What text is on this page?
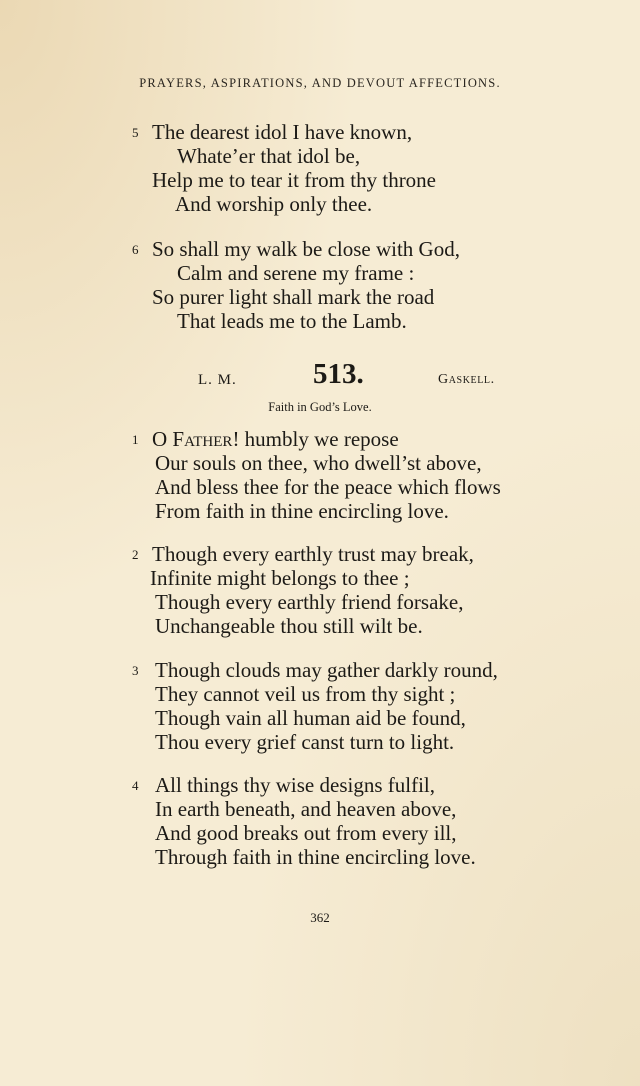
PRAYERS, ASPIRATIONS, AND DEVOUT AFFECTIONS.
5 The dearest idol I have known,
Whate’er that idol be,
Help me to tear it from thy throne
And worship only thee.
6 So shall my walk be close with God,
Calm and serene my frame :
So purer light shall mark the road
That leads me to the Lamb.
L. M.	513.	Gaskell.
Faith in God’s Love.
1 O Father! humbly we repose
Our souls on thee, who dwell’st above,
And bless thee for the peace which flows
From faith in thine encircling love.
2 Though every earthly trust may break,
Infinite might belongs to thee ;
Though every earthly friend forsake,
Unchangeable thou still wilt be.
3 Though clouds may gather darkly round,
They cannot veil us from thy sight ;
Though vain all human aid be found,
Thou every grief canst turn to light.
4 All things thy wise designs fulfil,
In earth beneath, and heaven above,
And good breaks out from every ill,
Through faith in thine encircling love.
362
